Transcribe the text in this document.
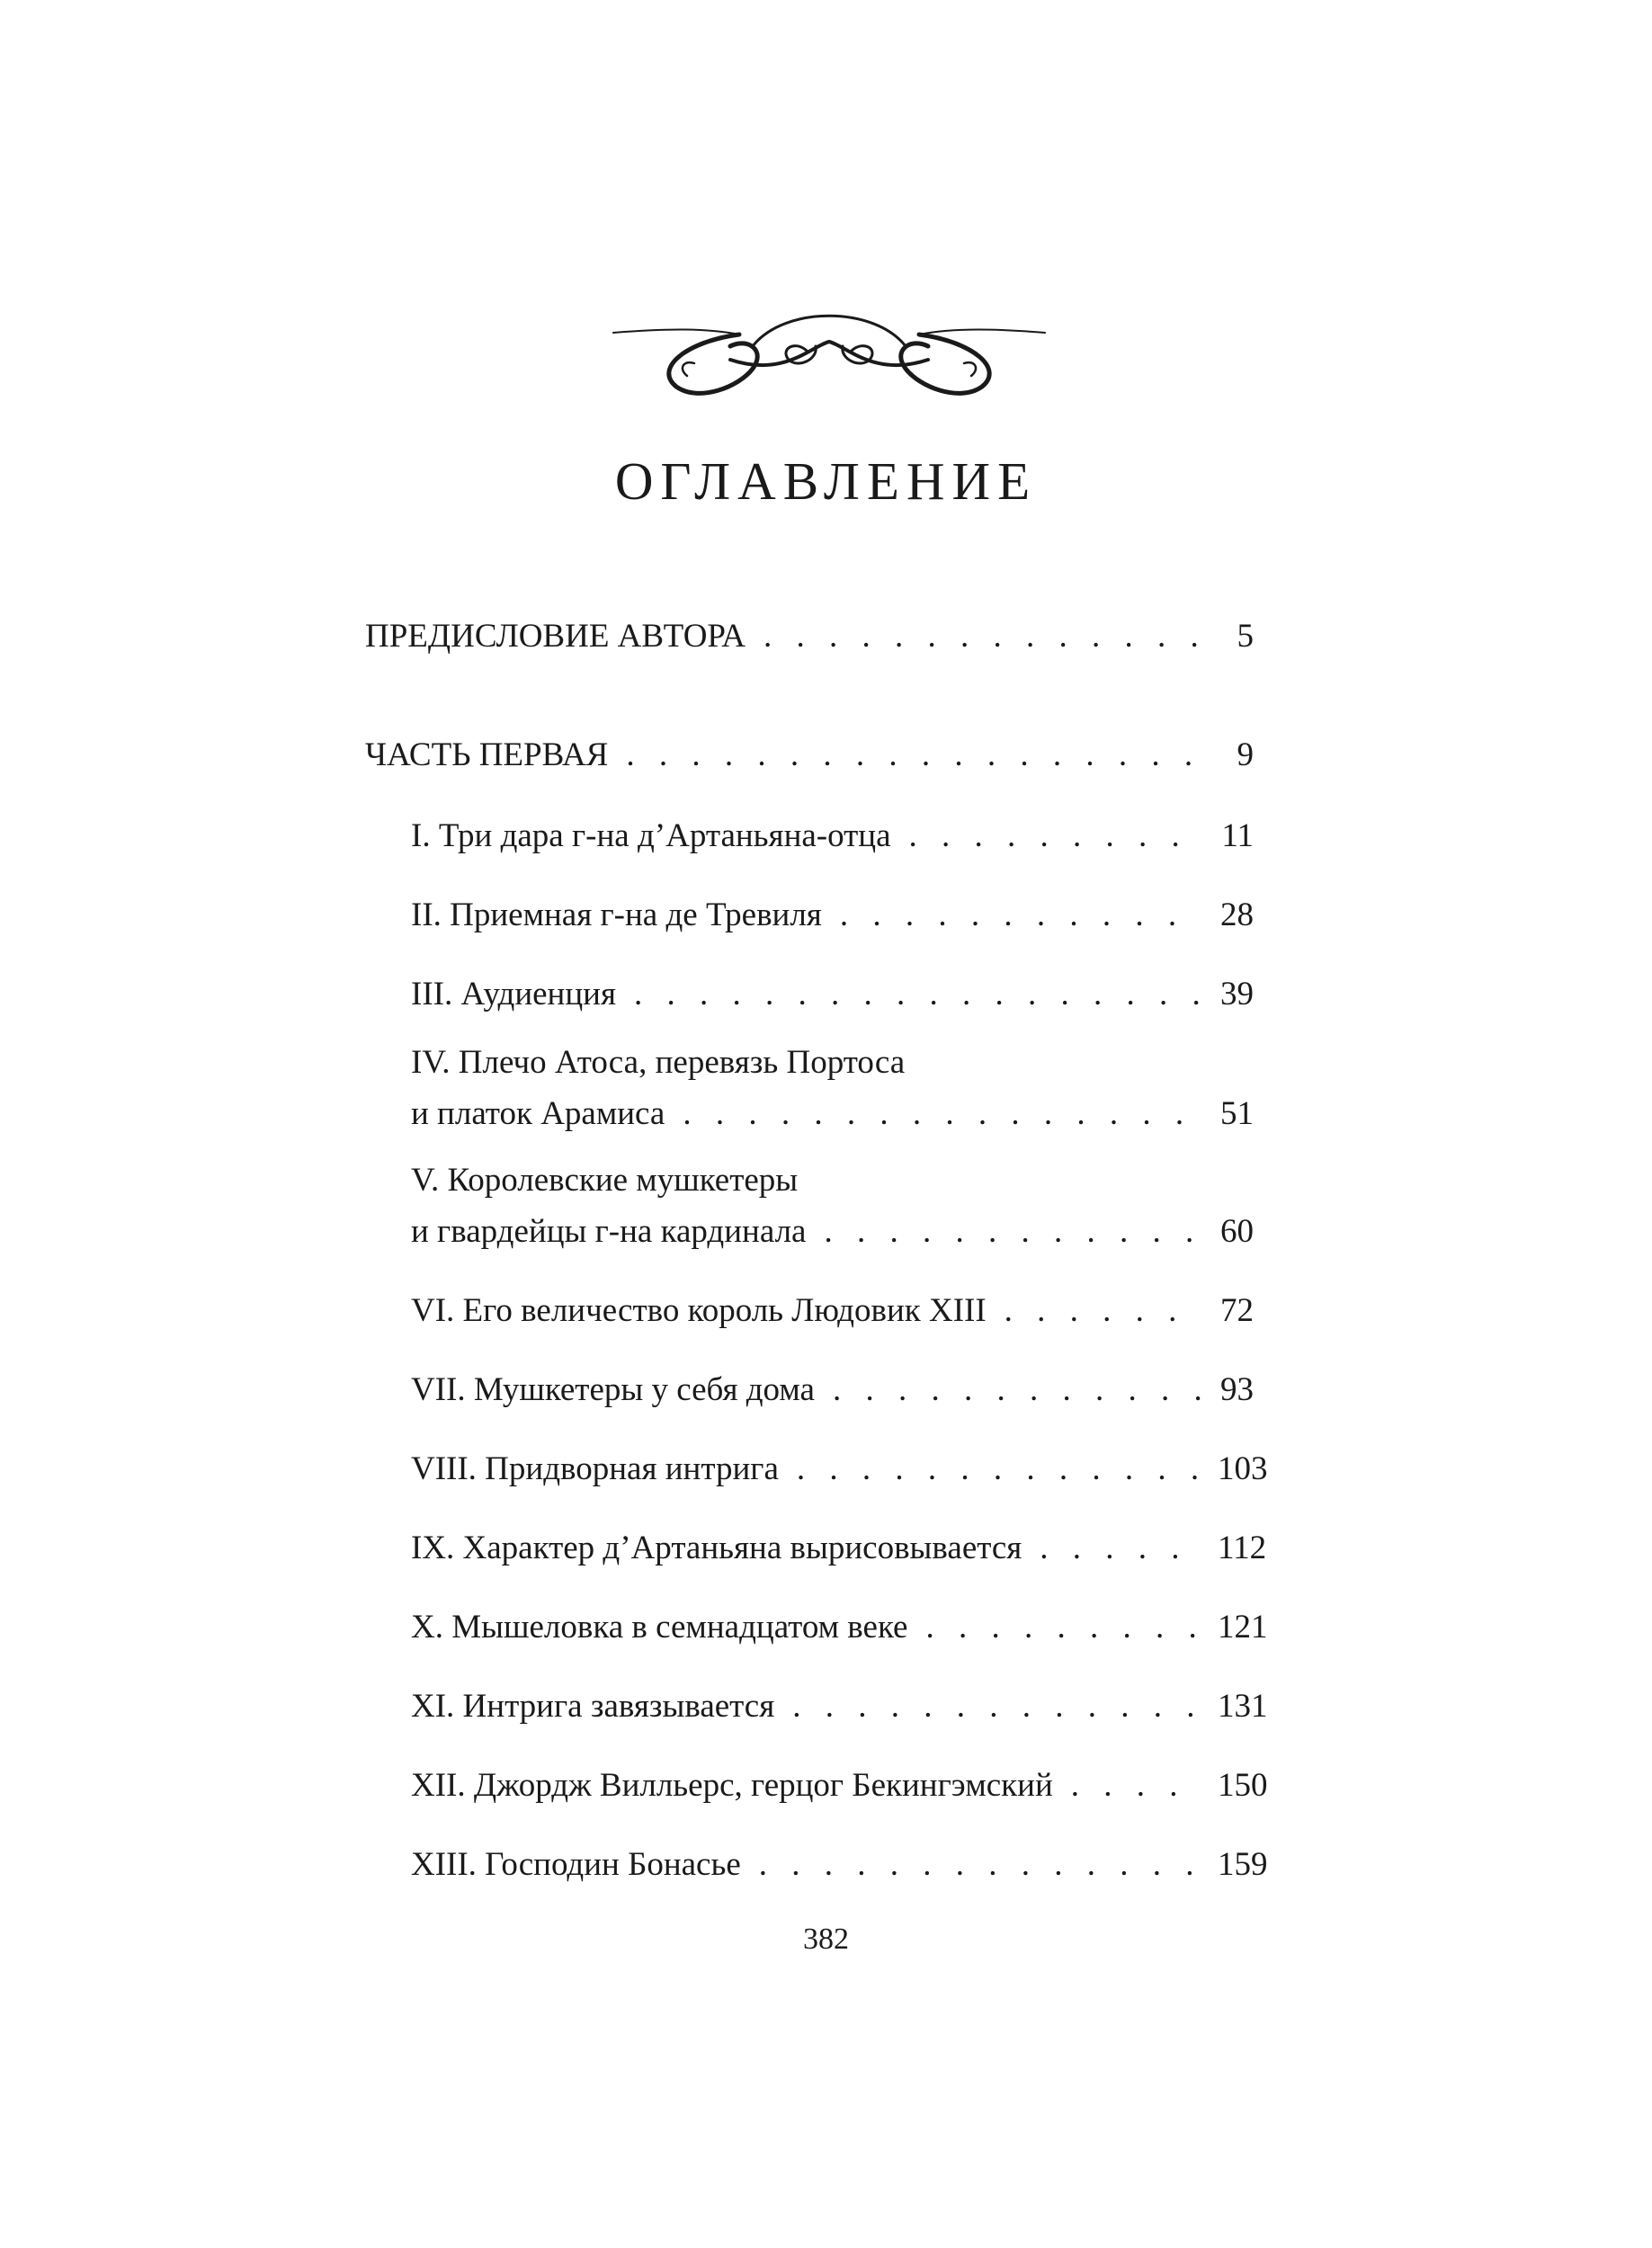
ОГЛАВЛЕНИЕ
ПРЕДИСЛОВИЕ АВТОРА . . .	5
ЧАСТЬ ПЕРВАЯ . . .	9
I. Три дара г-на д’Артаньяна-отца . . .	11
II. Приемная г-на де Тревиля . . .	28
III. Аудиенция . . .	39
IV. Плечо Атоса, перевязь Портоса
и платок Арамиса . . .	51
V. Королевские мушкетеры
и гвардейцы г-на кардинала . . .	60
VI. Его величество король Людовик XIII . . .	72
VII. Мушкетеры у себя дома . . .	93
VIII. Придворная интрига . . .	103
IX. Характер д’Артаньяна вырисовывается . . .	112
X. Мышеловка в семнадцатом веке . . .	121
XI. Интрига завязывается . . .	131
XII. Джордж Вилльерс, герцог Бекингэмский . . .	150
XIII. Господин Бонасье . . .	159
382
